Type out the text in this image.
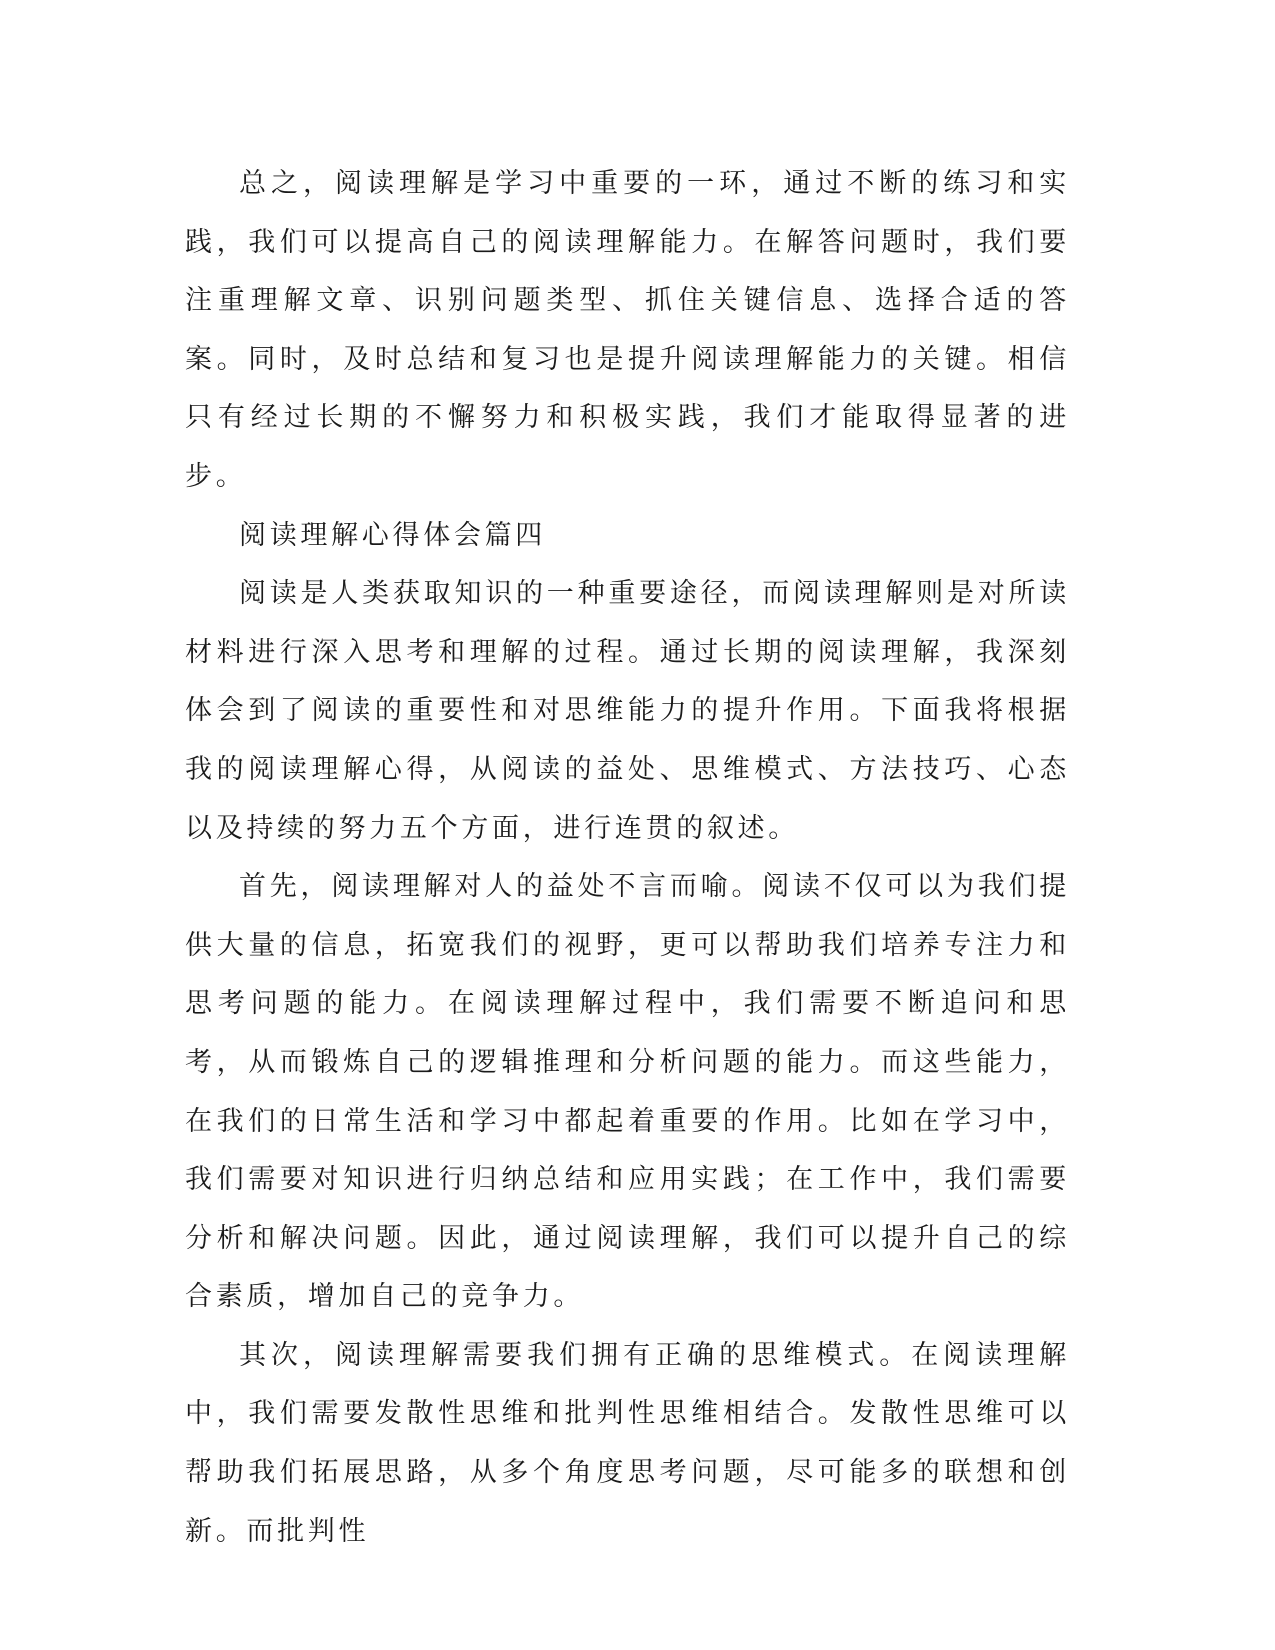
总之，阅读理解是学习中重要的一环，通过不断的练习和实践，我们可以提高自己的阅读理解能力。在解答问题时，我们要注重理解文章、识别问题类型、抓住关键信息、选择合适的答案。同时，及时总结和复习也是提升阅读理解能力的关键。相信只有经过长期的不懈努力和积极实践，我们才能取得显著的进步。

阅读理解心得体会篇四

阅读是人类获取知识的一种重要途径，而阅读理解则是对所读材料进行深入思考和理解的过程。通过长期的阅读理解，我深刻体会到了阅读的重要性和对思维能力的提升作用。下面我将根据我的阅读理解心得，从阅读的益处、思维模式、方法技巧、心态以及持续的努力五个方面，进行连贯的叙述。

首先，阅读理解对人的益处不言而喻。阅读不仅可以为我们提供大量的信息，拓宽我们的视野，更可以帮助我们培养专注力和思考问题的能力。在阅读理解过程中，我们需要不断追问和思考，从而锻炼自己的逻辑推理和分析问题的能力。而这些能力，在我们的日常生活和学习中都起着重要的作用。比如在学习中，我们需要对知识进行归纳总结和应用实践；在工作中，我们需要分析和解决问题。因此，通过阅读理解，我们可以提升自己的综合素质，增加自己的竞争力。

其次，阅读理解需要我们拥有正确的思维模式。在阅读理解中，我们需要发散性思维和批判性思维相结合。发散性思维可以帮助我们拓展思路，从多个角度思考问题，尽可能多的联想和创新。而批判性
